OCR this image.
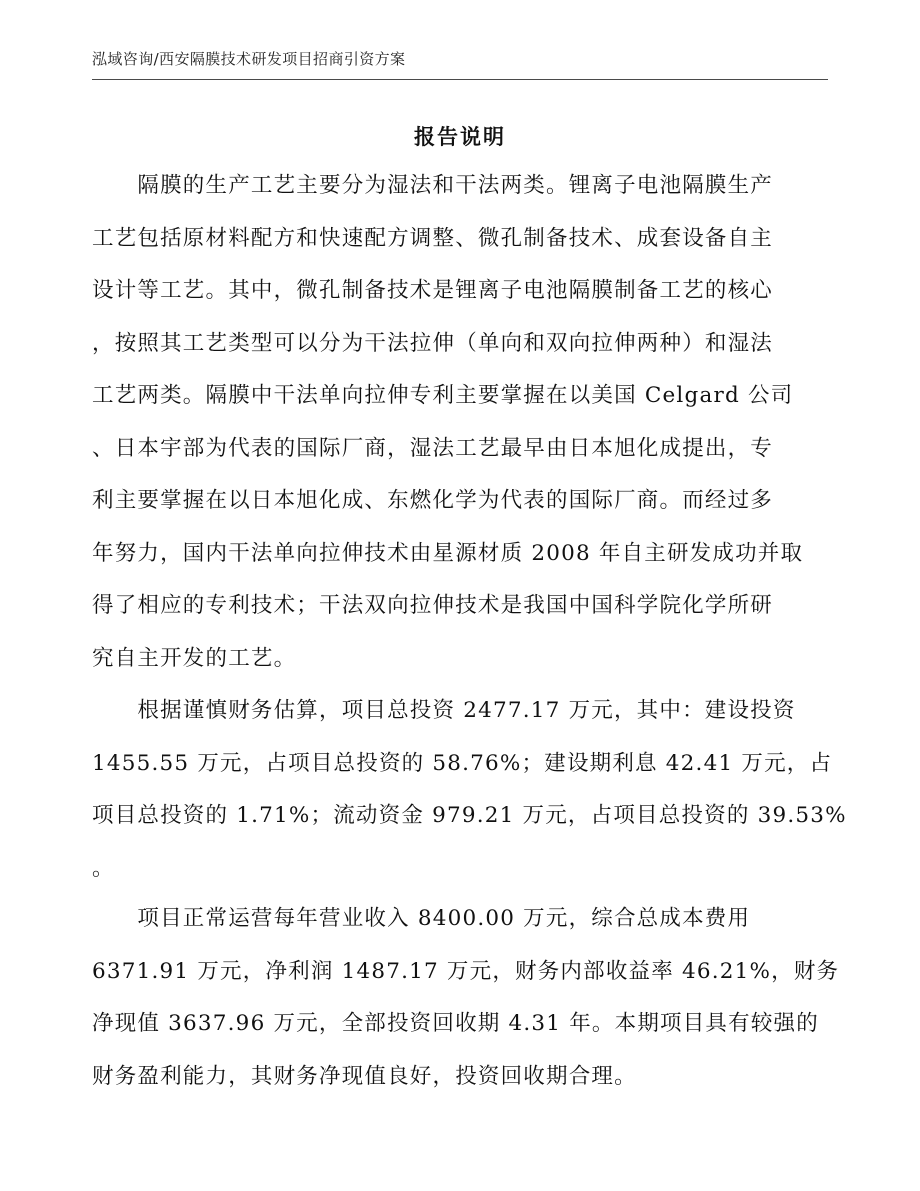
泓域咨询/西安隔膜技术研发项目招商引资方案
报告说明
　　隔膜的生产工艺主要分为湿法和干法两类。锂离子电池隔膜生产
工艺包括原材料配方和快速配方调整、微孔制备技术、成套设备自主
设计等工艺。其中，微孔制备技术是锂离子电池隔膜制备工艺的核心
，按照其工艺类型可以分为干法拉伸（单向和双向拉伸两种）和湿法
工艺两类。隔膜中干法单向拉伸专利主要掌握在以美国 Celgard 公司
、日本宇部为代表的国际厂商，湿法工艺最早由日本旭化成提出，专
利主要掌握在以日本旭化成、东燃化学为代表的国际厂商。而经过多
年努力，国内干法单向拉伸技术由星源材质 2008 年自主研发成功并取
得了相应的专利技术；干法双向拉伸技术是我国中国科学院化学所研
究自主开发的工艺。
　　根据谨慎财务估算，项目总投资 2477.17 万元，其中：建设投资
1455.55 万元，占项目总投资的 58.76%；建设期利息 42.41 万元，占
项目总投资的 1.71%；流动资金 979.21 万元，占项目总投资的 39.53%
。
　　项目正常运营每年营业收入 8400.00 万元，综合总成本费用
6371.91 万元，净利润 1487.17 万元，财务内部收益率 46.21%，财务
净现值 3637.96 万元，全部投资回收期 4.31 年。本期项目具有较强的
财务盈利能力，其财务净现值良好，投资回收期合理。
